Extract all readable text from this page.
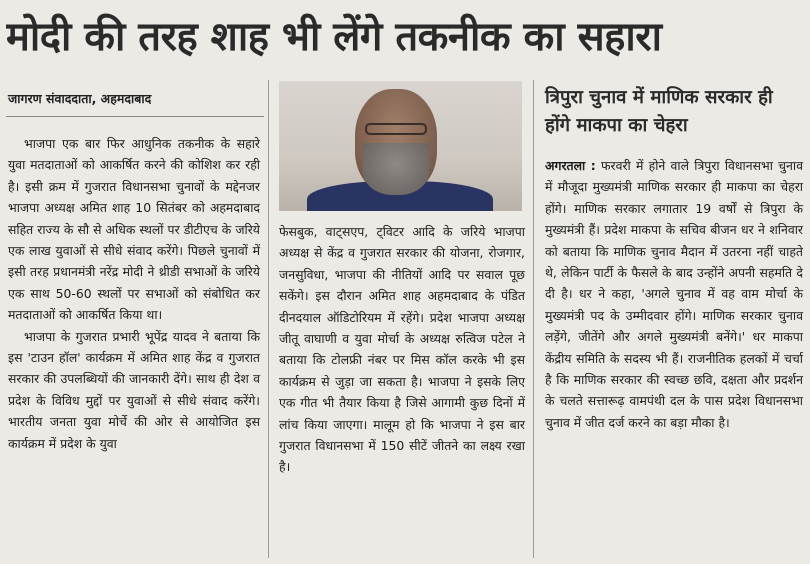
मोदी की तरह शाह भी लेंगे तकनीक का सहारा
जागरण संवाददाता, अहमदाबाद

भाजपा एक बार फिर आधुनिक तकनीक के सहारे युवा मतदाताओं को आकर्षित करने की कोशिश कर रही है। इसी क्रम में गुजरात विधानसभा चुनावों के मद्देनजर भाजपा अध्यक्ष अमित शाह 10 सितंबर को अहमदाबाद सहित राज्य के सौ से अधिक स्थलों पर डीटीएच के जरिये एक लाख युवाओं से सीधे संवाद करेंगे। पिछले चुनावों में इसी तरह प्रधानमंत्री नरेंद्र मोदी ने थ्रीडी सभाओं के जरिये एक साथ 50-60 स्थलों पर सभाओं को संबोधित कर मतदाताओं को आकर्षित किया था।

भाजपा के गुजरात प्रभारी भूपेंद्र यादव ने बताया कि इस 'टाउन हॉल' कार्यक्रम में अमित शाह केंद्र व गुजरात सरकार की उपलब्धियों की जानकारी देंगे। साथ ही देश व प्रदेश के विविध मुद्दों पर युवाओं से सीधे संवाद करेंगे। भारतीय जनता युवा मोर्चे की ओर से आयोजित इस कार्यक्रम में प्रदेश के युवा

फेसबुक, वाट्सएप, ट्विटर आदि के जरिये भाजपा अध्यक्ष से केंद्र व गुजरात सरकार की योजना, रोजगार, जनसुविधा, भाजपा की नीतियों आदि पर सवाल पूछ सकेंगे। इस दौरान अमित शाह अहमदाबाद के पंडित दीनदयाल ऑडिटोरियम में रहेंगे। प्रदेश भाजपा अध्यक्ष जीतू वाघाणी व युवा मोर्चा के अध्यक्ष रुत्विज पटेल ने बताया कि टोलफ्री नंबर पर मिस कॉल करके भी इस कार्यक्रम से जुड़ा जा सकता है। भाजपा ने इसके लिए एक गीत भी तैयार किया है जिसे आगामी कुछ दिनों में लांच किया जाएगा। मालूम हो कि भाजपा ने इस बार गुजरात विधानसभा में 150 सीटें जीतने का लक्ष्य रखा है।

त्रिपुरा चुनाव में माणिक सरकार ही होंगे माकपा का चेहरा

अगरतला : फरवरी में होने वाले त्रिपुरा विधानसभा चुनाव में मौजूदा मुख्यमंत्री माणिक सरकार ही माकपा का चेहरा होंगे। माणिक सरकार लगातार 19 वर्षों से त्रिपुरा के मुख्यमंत्री हैं। प्रदेश माकपा के सचिव बीजन धर ने शनिवार को बताया कि माणिक चुनाव मैदान में उतरना नहीं चाहते थे, लेकिन पार्टी के फैसले के बाद उन्होंने अपनी सहमति दे दी है। धर ने कहा, 'अगले चुनाव में वह वाम मोर्चा के मुख्यमंत्री पद के उम्मीदवार होंगे। माणिक सरकार चुनाव लड़ेंगे, जीतेंगे और अगले मुख्यमंत्री बनेंगे।' धर माकपा केंद्रीय समिति के सदस्य भी हैं। राजनीतिक हलकों में चर्चा है कि माणिक सरकार की स्वच्छ छवि, दक्षता और प्रदर्शन के चलते सत्तारूढ़ वामपंथी दल के पास प्रदेश विधानसभा चुनाव में जीत दर्ज करने का बड़ा मौका है।
